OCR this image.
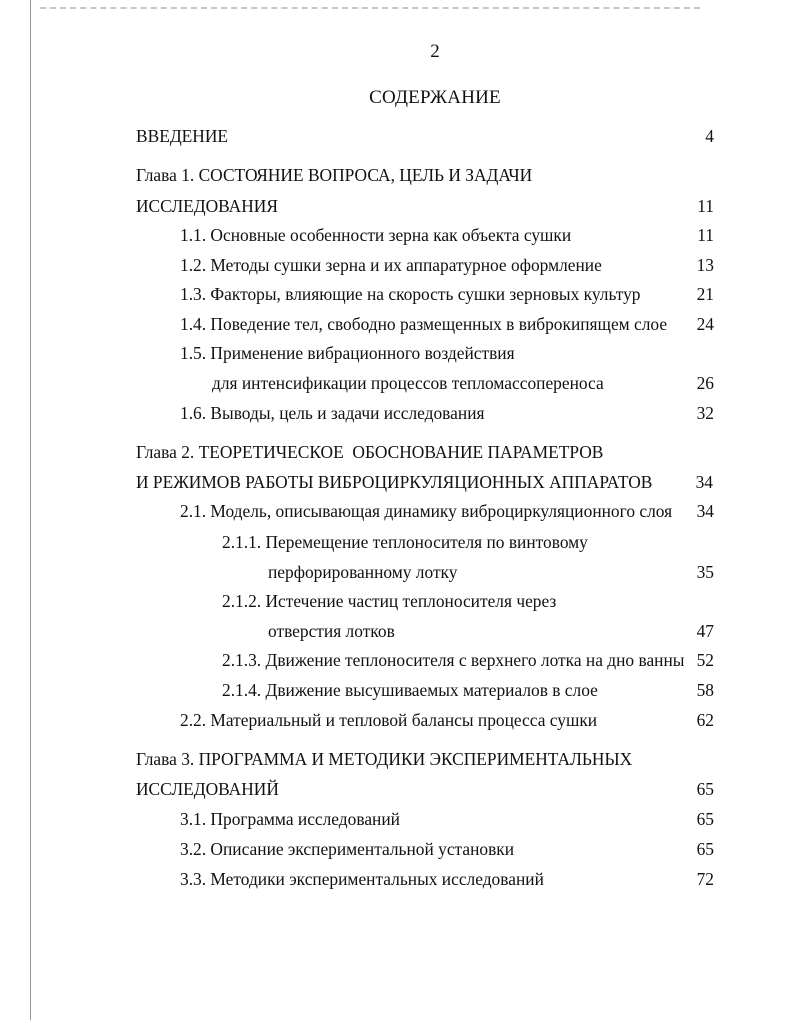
2
СОДЕРЖАНИЕ
ВВЕДЕНИЕ	4
Глава 1. СОСТОЯНИЕ ВОПРОСА, ЦЕЛЬ И ЗАДАЧИ
ИССЛЕДОВАНИЯ	11
1.1. Основные особенности зерна как объекта сушки	11
1.2. Методы сушки зерна и их аппаратурное оформление	13
1.3. Факторы, влияющие на скорость сушки зерновых культур	21
1.4. Поведение тел, свободно размещенных в виброкипящем слое 24
1.5. Применение вибрационного воздействия
для интенсификации процессов тепломассопереноса	26
1.6. Выводы, цель и задачи исследования	32
Глава 2. ТЕОРЕТИЧЕСКОЕ  ОБОСНОВАНИЕ ПАРАМЕТРОВ
И РЕЖИМОВ РАБОТЫ ВИБРОЦИРКУЛЯЦИОННЫХ АППАРАТОВ 34
2.1. Модель, описывающая динамику виброциркуляционного слоя 34
2.1.1. Перемещение теплоносителя по винтовому
перфорированному лотку	35
2.1.2. Истечение частиц теплоносителя через
отверстия лотков	47
2.1.3. Движение теплоносителя с верхнего лотка на дно ванны 52
2.1.4. Движение высушиваемых материалов в слое	58
2.2. Материальный и тепловой балансы процесса сушки	62
Глава 3. ПРОГРАММА И МЕТОДИКИ ЭКСПЕРИМЕНТАЛЬНЫХ
ИССЛЕДОВАНИЙ	65
3.1. Программа исследований	65
3.2. Описание экспериментальной установки	65
3.3. Методики экспериментальных исследований	72
